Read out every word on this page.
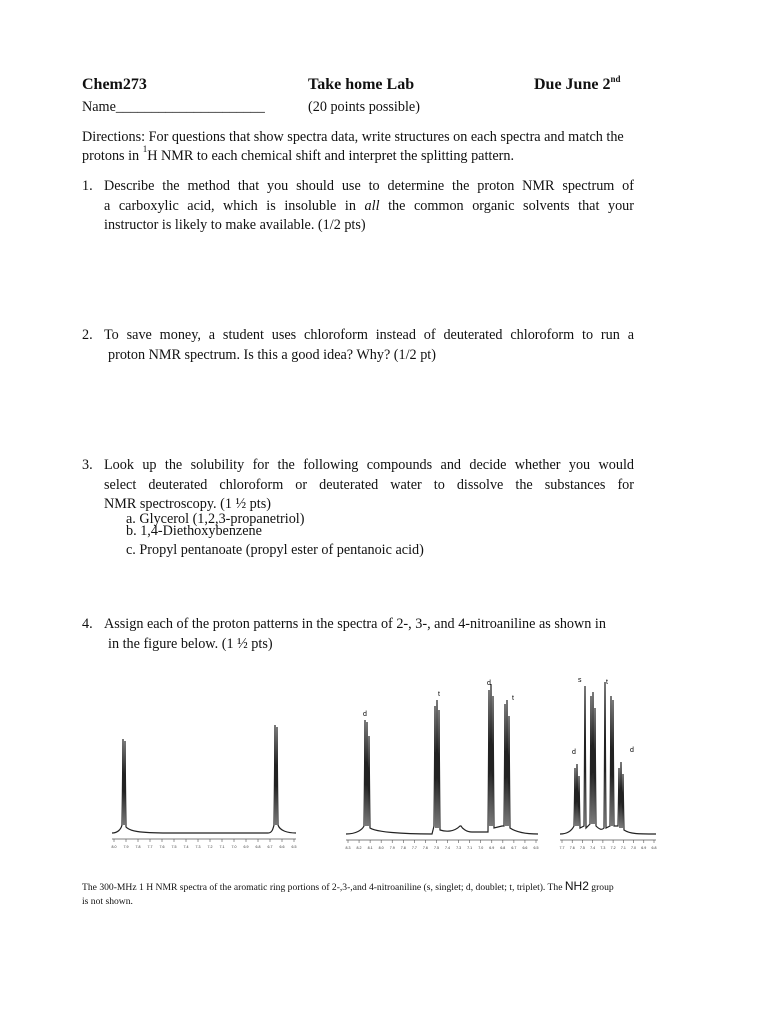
Chem273	Take home Lab	Due June 2nd
Name_____________________	(20 points possible)
Directions: For questions that show spectra data, write structures on each spectra and match the
protons in $^1$H NMR to each chemical shift and interpret the splitting pattern.
1. Describe the method that you should use to determine the proton NMR spectrum of
a carboxylic acid, which is insoluble in all the common organic solvents that your
instructor is likely to make available. (1/2 pts)
2. To save money, a student uses chloroform instead of deuterated chloroform to run a
proton NMR spectrum. Is this a good idea? Why? (1/2 pt)
3. Look up the solubility for the following compounds and decide whether you would
select deuterated chloroform or deuterated water to dissolve the substances for
NMR spectroscopy. (1 ½ pts)
a. Glycerol (1,2,3-propanetriol)
b. 1,4-Diethoxybenzene
c. Propyl pentanoate (propyl ester of pentanoic acid)
4. Assign each of the proton patterns in the spectra of 2-, 3-, and 4-nitroaniline as shown in
in the figure below. (1 ½ pts)
8.0 7.9 7.8 7.7 7.6 7.5 7.4 7.3 7.2 7.1 7.0 6.9 6.8 6.7 6.6 6.5	8.3 8.2 8.1 8.0 7.9 7.8 7.7 7.6 7.5 7.4 7.3 7.1 7.0 6.9 6.8 6.7 6.6 6.5
d
t
d
t
7.7 7.6 7.5 7.4 7.3 7.2 7.1 7.0 6.9 6.8
s	t
d	d
The 300-MHz 1 H NMR spectra of the aromatic ring portions of 2-,3-,and 4-nitroaniline (s, singlet; d, doublet; t, triplet). The NH2 group
is not shown.
